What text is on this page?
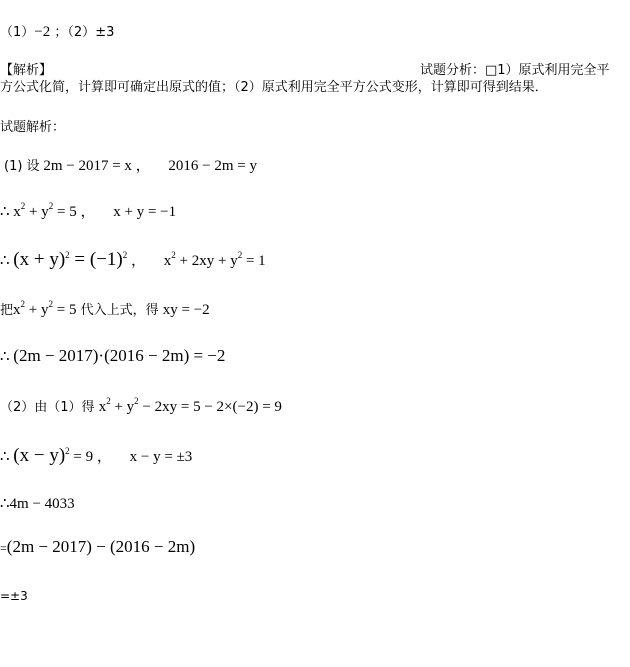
（1）−2 ；（2）±3
【解析】	试题分析：□1）原式利用完全平
方公式化简，计算即可确定出原式的值；（2）原式利用完全平方公式变形，计算即可得到结果．
试题解析：
(1) 设 2m − 2017 = x ， 2016 − 2m = y
∴ $x^2 + y^2 = 5$ ， x + y = −1
∴ $(x + y)^2 = (-1)^2$ ， $x^2 + 2xy + y^2 = 1$
把$x^2 + y^2 = 5$ 代入上式，得 xy = −2
∴ (2m − 2017)·(2016 − 2m) = −2
（2）由（1）得 $x^2 + y^2 - 2xy = 5 - 2\times(-2) = 9$
∴ $(x - y)^2 = 9$ ， x − y = ±3
∴4m − 4033
=(2m − 2017) − (2016 − 2m)
=±3
